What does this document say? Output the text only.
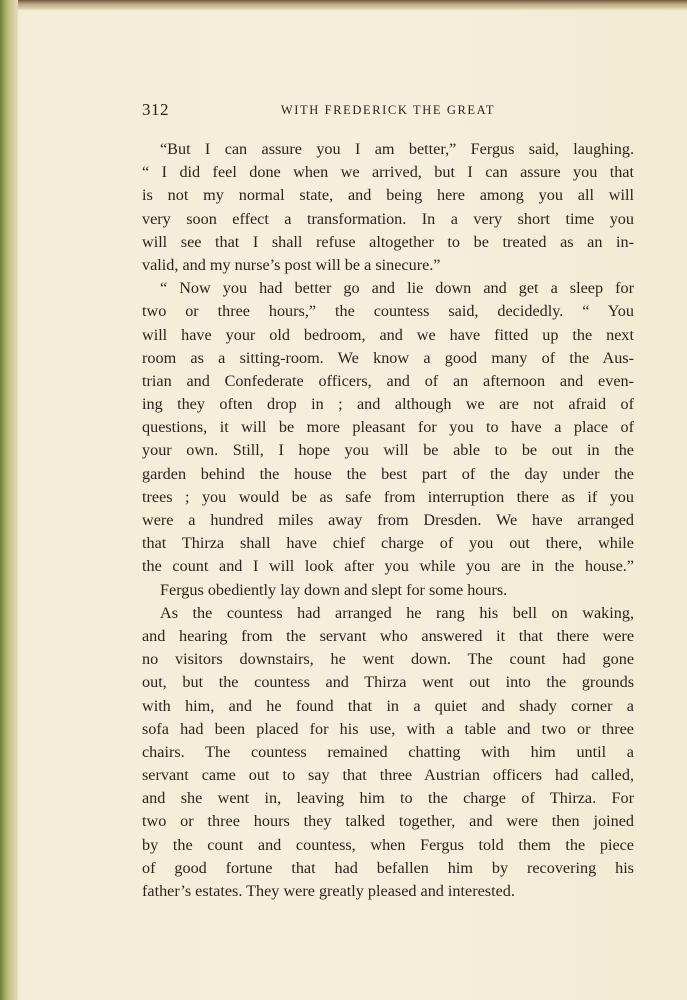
312	WITH FREDERICK THE GREAT
“But I can assure you I am better,” Fergus said, laughing.
“ I did feel done when we arrived, but I can assure you that
is not my normal state, and being here among you all will
very soon effect a transformation. In a very short time you
will see that I shall refuse altogether to be treated as an in-
valid, and my nurse’s post will be a sinecure.”
“ Now you had better go and lie down and get a sleep for
two or three hours,” the countess said, decidedly. “ You
will have your old bedroom, and we have fitted up the next
room as a sitting-room. We know a good many of the Aus-
trian and Confederate officers, and of an afternoon and even-
ing they often drop in ; and although we are not afraid of
questions, it will be more pleasant for you to have a place of
your own. Still, I hope you will be able to be out in the
garden behind the house the best part of the day under the
trees ; you would be as safe from interruption there as if you
were a hundred miles away from Dresden. We have arranged
that Thirza shall have chief charge of you out there, while
the count and I will look after you while you are in the house.”
Fergus obediently lay down and slept for some hours.
As the countess had arranged he rang his bell on waking,
and hearing from the servant who answered it that there were
no visitors downstairs, he went down. The count had gone
out, but the countess and Thirza went out into the grounds
with him, and he found that in a quiet and shady corner a
sofa had been placed for his use, with a table and two or three
chairs. The countess remained chatting with him until a
servant came out to say that three Austrian officers had called,
and she went in, leaving him to the charge of Thirza. For
two or three hours they talked together, and were then joined
by the count and countess, when Fergus told them the piece
of good fortune that had befallen him by recovering his
father’s estates. They were greatly pleased and interested.
